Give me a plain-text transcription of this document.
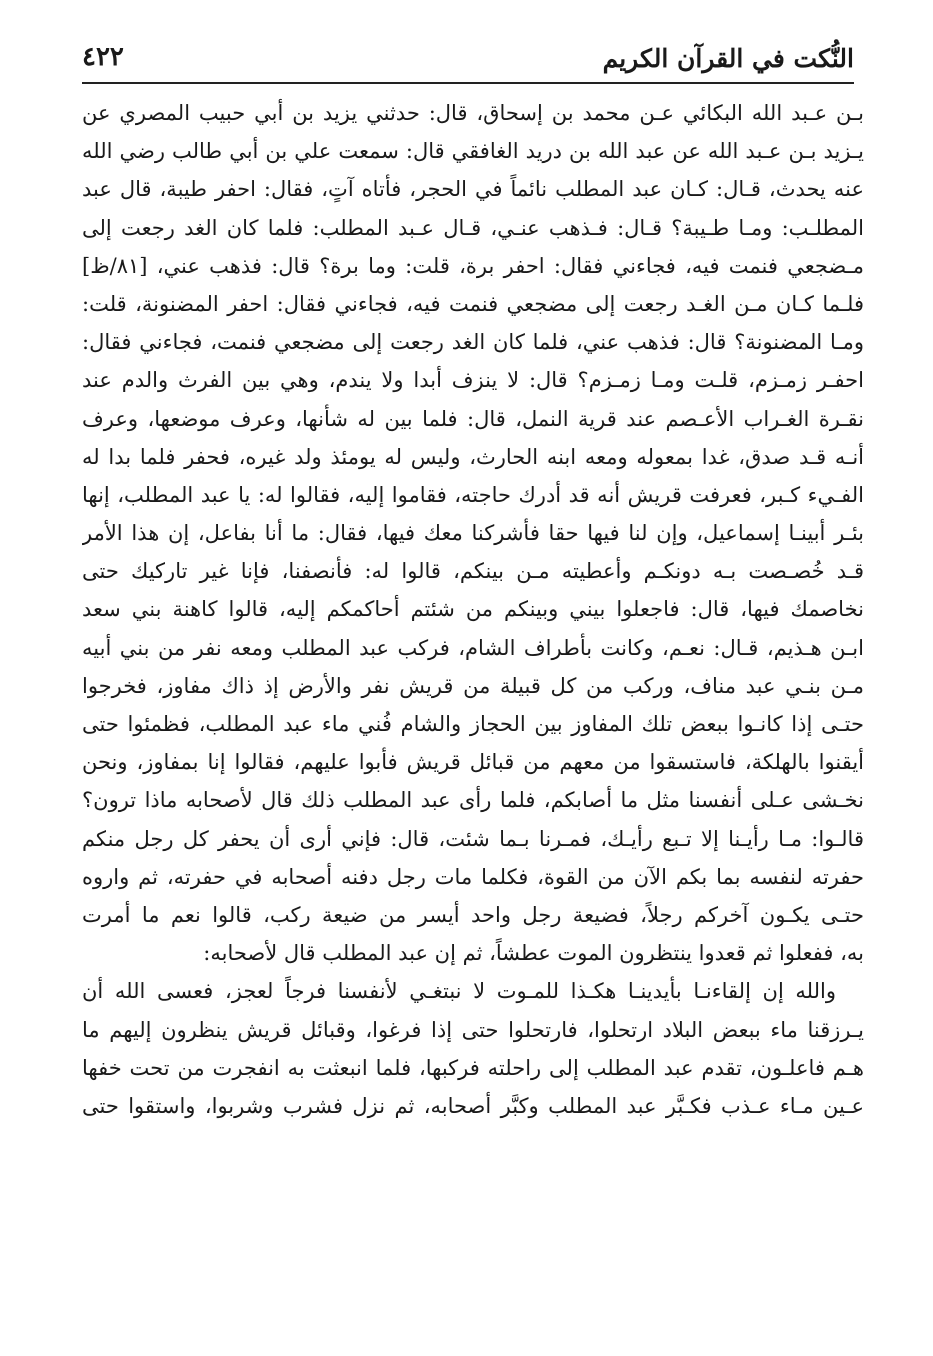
النُّكت في القرآن الكريم
٤٢٢
بـن عـبد الله البكائي عـن محمد بن إسحاق، قال: حدثني يزيد بن أبي حبيب المصري عن
يـزيد بـن عـبد الله عن عبد الله بن دريد الغافقي قال: سمعت علي بن أبي طالب رضي الله
عنه يحدث، قـال: كـان عبد المطلب نائماً في الحجر، فأتاه آتٍ، فقال: احفر طيبة، قال عبد
المطلـب: ومـا طـيبة؟ قـال: فـذهب عنـي، قـال عـبد المطلب: فلما كان الغد رجعت إلى
مـضجعي فنمت فيه، فجاءني فقال: احفر برة، قلت: وما برة؟ قال: فذهب عني، [٨١/ظ]
فلـما كـان مـن الغـد رجعت إلى مضجعي فنمت فيه، فجاءني فقال: احفر المضنونة، قلت:
ومـا المضنونة؟ قال: فذهب عني، فلما كان الغد رجعت إلى مضجعي فنمت، فجاءني فقال:
احفـر زمـزم، قلـت ومـا زمـزم؟ قال: لا ينزف أبدا ولا يندم، وهي بين الفرث والدم عند
نقـرة الغـراب الأعـصم عند قرية النمل، قال: فلما بين له شأنها، وعرف موضعها، وعرف
أنـه قـد صدق، غدا بمعوله ومعه ابنه الحارث، وليس له يومئذ ولد غيره، فحفر فلما بدا له
الفـيء كـبر، فعرفت قريش أنه قد أدرك حاجته، فقاموا إليه، فقالوا له: يا عبد المطلب، إنها
بئـر أبينـا إسماعيل، وإن لنا فيها حقا فأشركنا معك فيها، فقال: ما أنا بفاعل، إن هذا الأمر
قـد خُصـصت بـه دونكـم وأعطيته مـن بينكم، قالوا له: فأنصفنا، فإنا غير تاركيك حتى
نخاصمك فيها، قال: فاجعلوا بيني وبينكم من شئتم أحاكمكم إليه، قالوا كاهنة بني سعد
ابـن هـذيم، قـال: نعـم، وكانت بأطراف الشام، فركب عبد المطلب ومعه نفر من بني أبيه
مـن بنـي عبد مناف، وركب من كل قبيلة من قريش نفر والأرض إذ ذاك مفاوز، فخرجوا
حتـى إذا كانـوا ببعض تلك المفاوز بين الحجاز والشام فُني ماء عبد المطلب، فظمئوا حتى
أيقنوا بالهلكة، فاستسقوا من معهم من قبائل قريش فأبوا عليهم، فقالوا إنا بمفاوز، ونحن
نخـشى عـلى أنفسنا مثل ما أصابكم، فلما رأى عبد المطلب ذلك قال لأصحابه ماذا ترون؟
قالـوا: مـا رأيـنا إلا تـبع رأيـك، فمـرنا بـما شئت، قال: فإني أرى أن يحفر كل رجل منكم
حفرته لنفسه بما بكم الآن من القوة، فكلما مات رجل دفنه أصحابه في حفرته، ثم واروه
حتـى يكـون آخركم رجلاً، فضيعة رجل واحد أيسر من ضيعة ركب، قالوا نعم ما أمرت
به، ففعلوا ثم قعدوا ينتظرون الموت عطشاً، ثم إن عبد المطلب قال لأصحابه:
والله إن إلقاءنـا بأيدينـا هكـذا للمـوت لا نبتغـي لأنفسنا فرجاً لعجز، فعسى الله أن
يـرزقنا ماء ببعض البلاد ارتحلوا، فارتحلوا حتى إذا فرغوا، وقبائل قريش ينظرون إليهم ما
هـم فاعلـون، تقدم عبد المطلب إلى راحلته فركبها، فلما انبعثت به انفجرت من تحت خفها
عـين مـاء عـذب فكـبَّر عبد المطلب وكبَّر أصحابه، ثم نزل فشرب وشربوا، واستقوا حتى
